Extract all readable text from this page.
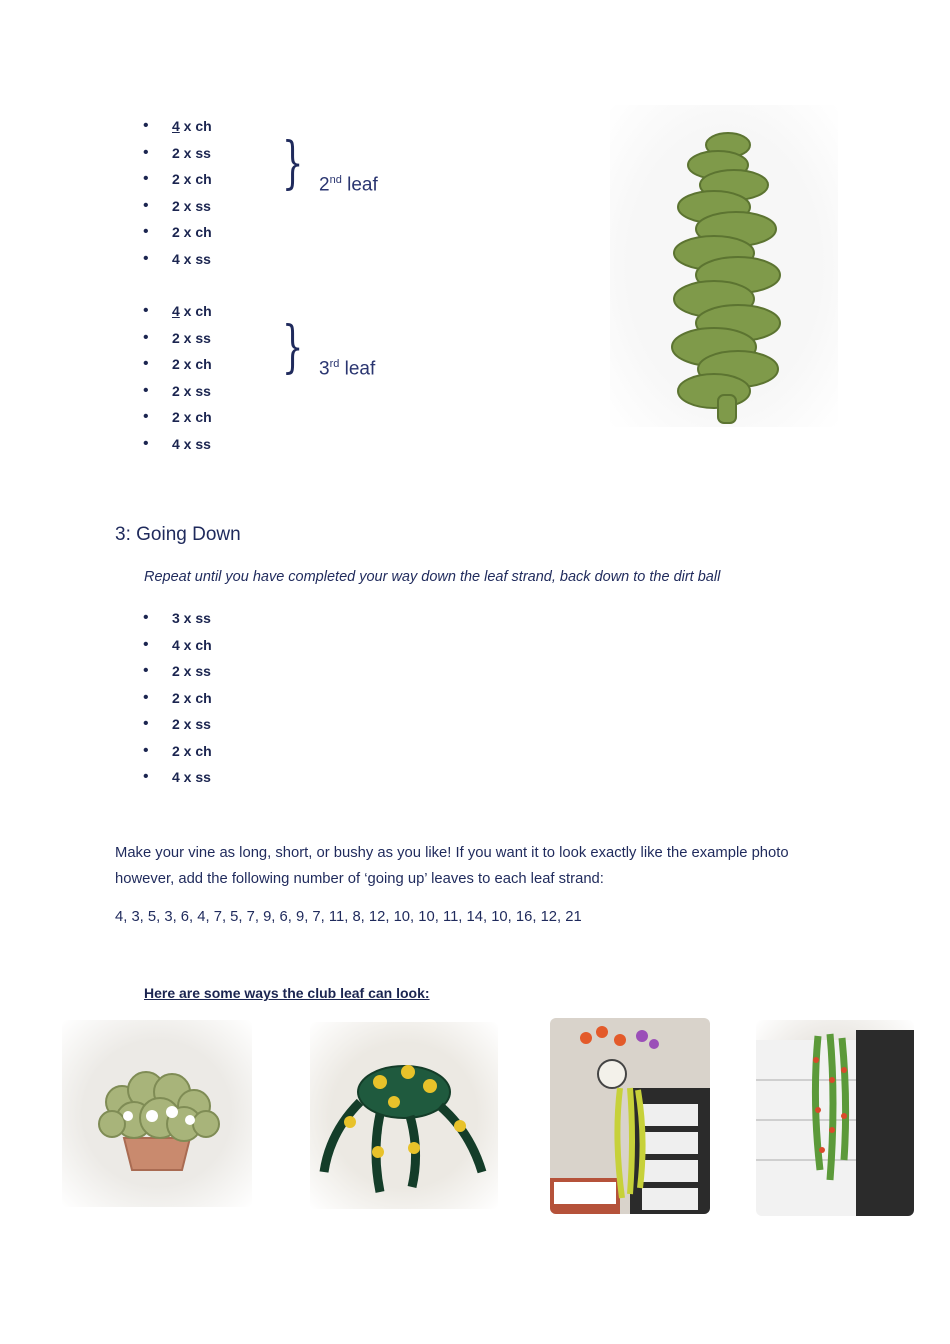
• 4 x ch
• 2 x ss
• 2 x ch
• 2 x ss
• 2 x ch
• 4 x ss
} 2nd leaf
• 4 x ch
• 2 x ss
• 2 x ch
• 2 x ss
• 2 x ch
• 4 x ss
} 3rd leaf
3: Going Down
Repeat until you have completed your way down the leaf strand, back down to the dirt ball
• 3 x ss
• 4 x ch
• 2 x ss
• 2 x ch
• 2 x ss
• 2 x ch
• 4 x ss
Make your vine as long, short, or bushy as you like! If you want it to look exactly like the example photo however, add the following number of ‘going up’ leaves to each leaf strand:
4, 3, 5, 3, 6, 4, 7, 5, 7, 9, 6, 9, 7, 11, 8, 12, 10, 10, 11, 14, 10, 16, 12, 21
Here are some ways the club leaf can look:
